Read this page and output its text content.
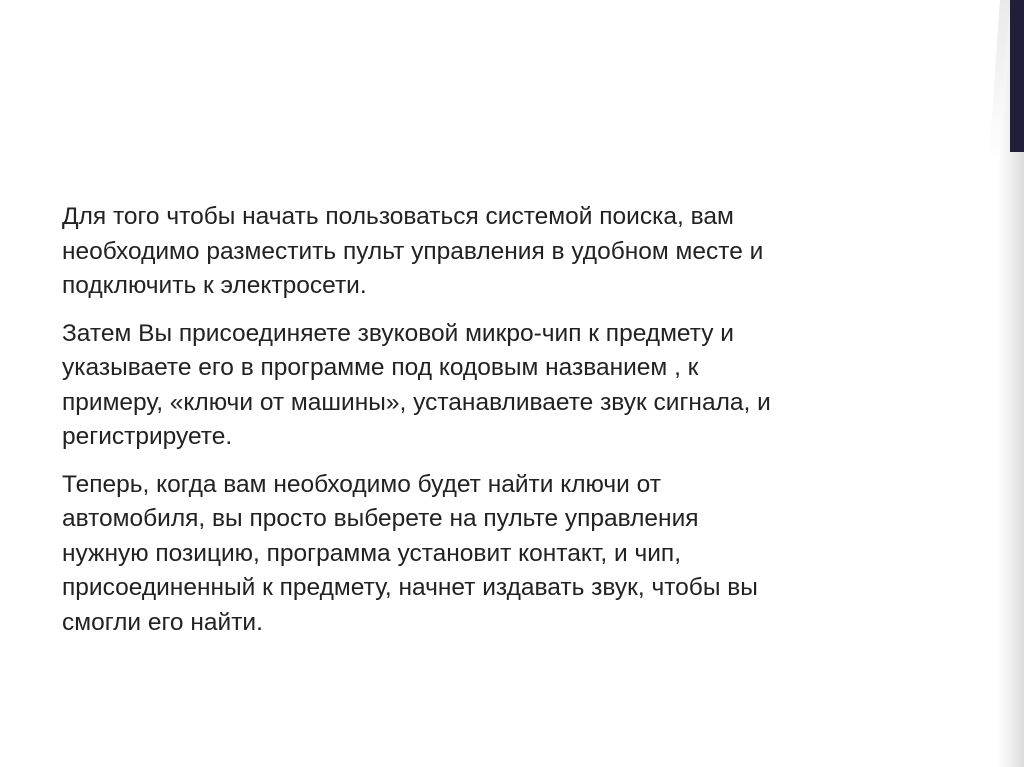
Для того чтобы начать пользоваться системой поиска, вам
необходимо разместить пульт управления в удобном месте и
подключить к электросети.

Затем Вы присоединяете звуковой микро-чип к предмету и
указываете его в программе под кодовым названием , к
примеру, «ключи от машины», устанавливаете звук сигнала, и
регистрируете.

Теперь, когда вам необходимо будет найти ключи от
автомобиля, вы просто выберете на пульте управления
нужную позицию, программа установит контакт, и чип,
присоединенный к предмету, начнет издавать звук, чтобы вы
смогли его найти.
